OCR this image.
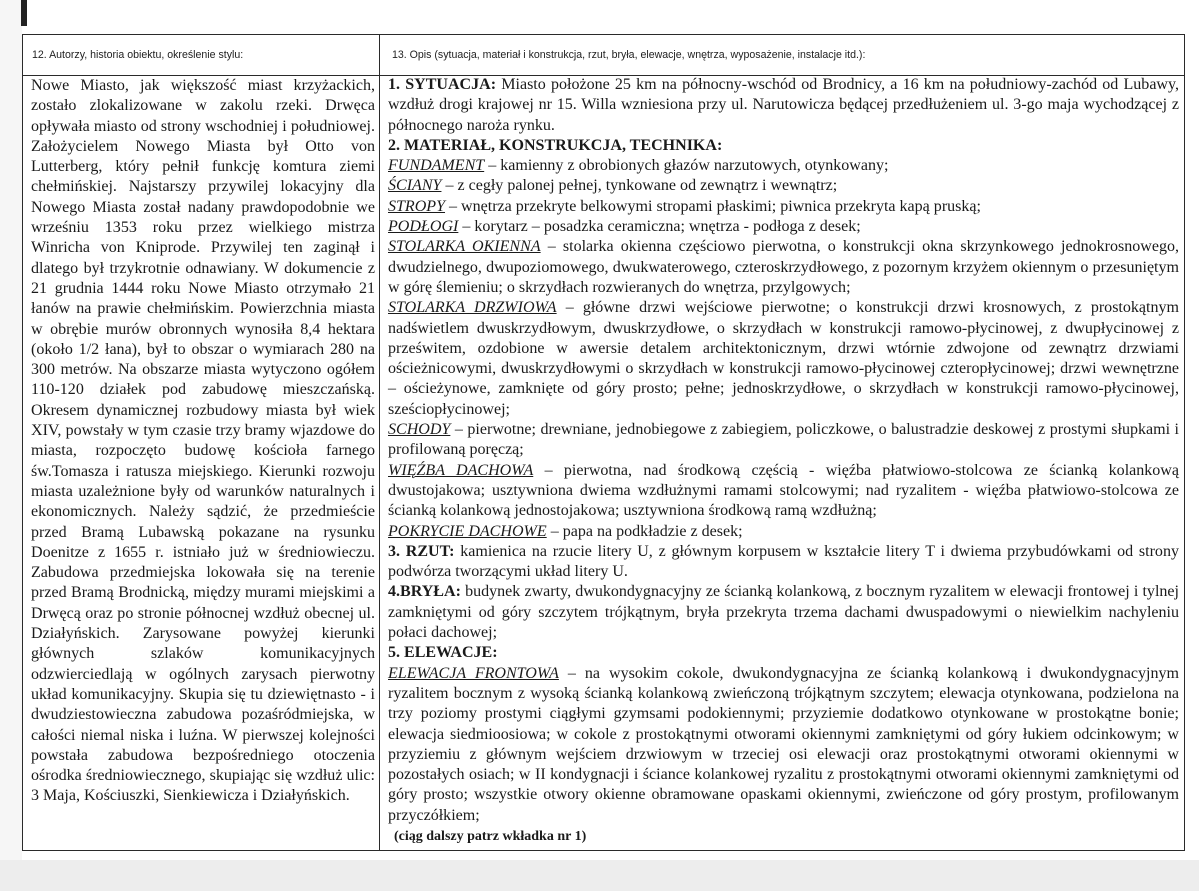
12. Autorzy, historia obiektu, określenie stylu:	13. Opis (sytuacja, materiał i konstrukcja, rzut, bryła, elewacje, wnętrza, wyposażenie, instalacje itd.):
Nowe Miasto, jak większość miast krzyżackich, zostało zlokalizowane w zakolu rzeki. Drwęca opływała miasto od strony wschodniej i południowej. Założycielem Nowego Miasta był Otto von Lutterberg, który pełnił funkcję komtura ziemi chełmińskiej. Najstarszy przywilej lokacyjny dla Nowego Miasta został nadany prawdopodobnie we wrześniu 1353 roku przez wielkiego mistrza Winricha von Kniprode. Przywilej ten zaginął i dlatego był trzykrotnie odnawiany. W dokumencie z 21 grudnia 1444 roku Nowe Miasto otrzymało 21 łanów na prawie chełmińskim. Powierzchnia miasta w obrębie murów obronnych wynosiła 8,4 hektara (około 1/2 łana), był to obszar o wymiarach 280 na 300 metrów. Na obszarze miasta wytyczono ogółem 110-120 działek pod zabudowę mieszczańską. Okresem dynamicznej rozbudowy miasta był wiek XIV, powstały w tym czasie trzy bramy wjazdowe do miasta, rozpoczęto budowę kościoła farnego św.Tomasza i ratusza miejskiego. Kierunki rozwoju miasta uzależnione były od warunków naturalnych i ekonomicznych. Należy sądzić, że przedmieście przed Bramą Lubawską pokazane na rysunku Doenitze z 1655 r. istniało już w średniowieczu. Zabudowa przedmiejska lokowała się na terenie przed Bramą Brodnicką, między murami miejskimi a Drwęcą oraz po stronie północnej wzdłuż obecnej ul. Działyńskich. Zarysowane powyżej kierunki głównych szlaków komunikacyjnych odzwierciedlają w ogólnych zarysach pierwotny układ komunikacyjny. Skupia się tu dziewiętnasto - i dwudziestowieczna zabudowa pozaśródmiejska, w całości niemal niska i luźna. W pierwszej kolejności powstała zabudowa bezpośredniego otoczenia ośrodka średniowiecznego, skupiając się wzdłuż ulic: 3 Maja, Kościuszki, Sienkiewicza i Działyńskich.

1. SYTUACJA: Miasto położone 25 km na północny-wschód od Brodnicy, a 16 km na południowy-zachód od Lubawy, wzdłuż drogi krajowej nr 15. Willa wzniesiona przy ul. Narutowicza będącej przedłużeniem ul. 3-go maja wychodzącej z północnego naroża rynku.

2. MATERIAŁ, KONSTRUKCJA, TECHNIKA:

FUNDAMENT – kamienny z obrobionych głazów narzutowych, otynkowany;

ŚCIANY – z cegły palonej pełnej, tynkowane od zewnątrz i wewnątrz;

STROPY – wnętrza przekryte belkowymi stropami płaskimi; piwnica przekryta kapą pruską;

PODŁOGI – korytarz – posadzka ceramiczna; wnętrza - podłoga z desek;

STOLARKA OKIENNA – stolarka okienna częściowo pierwotna, o konstrukcji okna skrzynkowego jednokrosnowego, dwudzielnego, dwupoziomowego, dwukwaterowego, czteroskrzydłowego, z pozornym krzyżem okiennym o przesuniętym w górę ślemieniu; o skrzydłach rozwieranych do wnętrza, przylgowych;

STOLARKA DRZWIOWA – główne drzwi wejściowe pierwotne; o konstrukcji drzwi krosnowych, z prostokątnym nadświetlem dwuskrzydłowym, dwuskrzydłowe, o skrzydłach w konstrukcji ramowo-płycinowej, z dwupłycinowej z prześwitem, ozdobione w awersie detalem architektonicznym, drzwi wtórnie zdwojone od zewnątrz drzwiami ościeżnicowymi, dwuskrzydłowymi o skrzydłach w konstrukcji ramowo-płycinowej czteropłycinowej; drzwi wewnętrzne – ościeżynowe, zamknięte od góry prosto; pełne; jednoskrzydłowe, o skrzydłach w konstrukcji ramowo-płycinowej, sześciopłycinowej;

SCHODY – pierwotne; drewniane, jednobiegowe z zabiegiem, policzkowe, o balustradzie deskowej z prostymi słupkami i profilowaną poręczą;

WIĘŹBA DACHOWA – pierwotna, nad środkową częścią - więźba płatwiowo-stolcowa ze ścianką kolankową dwustojakowa; usztywniona dwiema wzdłużnymi ramami stolcowymi; nad ryzalitem - więźba płatwiowo-stolcowa ze ścianką kolankową jednostojakowa; usztywniona środkową ramą wzdłużną;

POKRYCIE DACHOWE – papa na podkładzie z desek;

3. RZUT: kamienica na rzucie litery U, z głównym korpusem w kształcie litery T i dwiema przybudówkami od strony podwórza tworzącymi układ litery U.

4.BRYŁA: budynek zwarty, dwukondygnacyjny ze ścianką kolankową, z bocznym ryzalitem w elewacji frontowej i tylnej zamkniętymi od góry szczytem trójkątnym, bryła przekryta trzema dachami dwuspadowymi o niewielkim nachyleniu połaci dachowej;

5. ELEWACJE:

ELEWACJA FRONTOWA – na wysokim cokole, dwukondygnacyjna ze ścianką kolankową i dwukondygnacyjnym ryzalitem bocznym z wysoką ścianką kolankową zwieńczoną trójkątnym szczytem; elewacja otynkowana, podzielona na trzy poziomy prostymi ciągłymi gzymsami podokiennymi; przyziemie dodatkowo otynkowane w prostokątne bonie; elewacja siedmioosiowa; w cokole z prostokątnymi otworami okiennymi zamkniętymi od góry łukiem odcinkowym; w przyziemiu z głównym wejściem drzwiowym w trzeciej osi elewacji oraz prostokątnymi otworami okiennymi w pozostałych osiach; w II kondygnacji i ściance kolankowej ryzalitu z prostokątnymi otworami okiennymi zamkniętymi od góry prosto; wszystkie otwory okienne obramowane opaskami okiennymi, zwieńczone od góry prostym, profilowanym przyczółkiem;

(ciąg dalszy patrz wkładka nr 1)
